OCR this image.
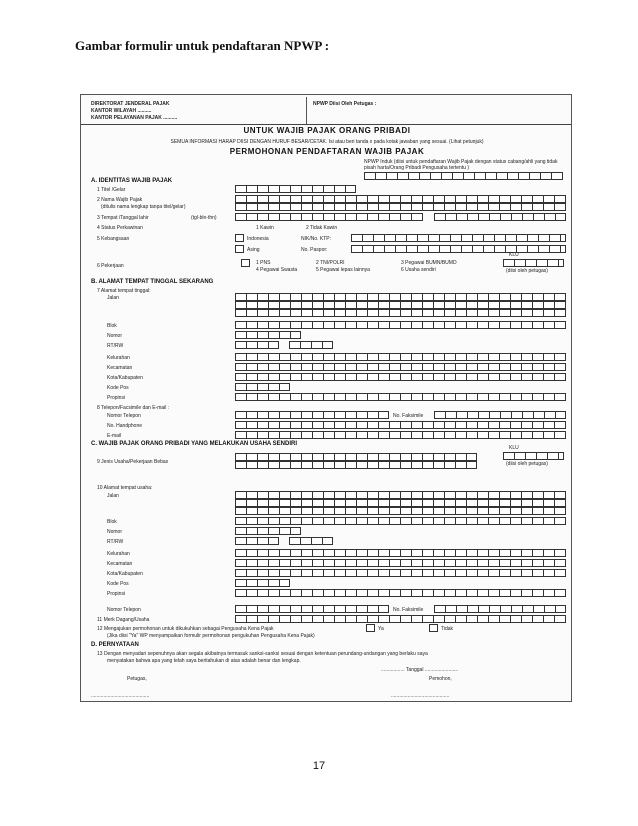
Gambar formulir untuk pendaftaran NPWP :
DIREKTORAT JENDERAL PAJAK
KANTOR WILAYAH ..........
KANTOR PELAYANAN PAJAK ..........
NPWP Diisi Oleh Petugas :
UNTUK WAJIB PAJAK ORANG PRIBADI
SEMUA INFORMASI HARAP DIISI DENGAN HURUF BESAR/CETAK. Isi atau beri tanda x pada kotak jawaban yang sesuai. (Lihat petunjuk)
PERMOHONAN PENDAFTARAN WAJIB PAJAK
NPWP Induk (diisi untuk pendaftaran Wajib Pajak dengan status cabang/ahli yang tidak pisah harta/Orang Pribadi Pengusaha tertentu )
A. IDENTITAS WAJIB PAJAK
1 Titel /Gelar
2 Nama Wajib Pajak
(ditulis nama lengkap tanpa titel/gelar)
3 Tempat /Tanggal lahir	(tgl-bln-thn)
4 Status Perkawinan	1 Kawin	2 Tidak Kawin
5 Kebangsaan	Indonesia	NIK/No. KTP:
Asing	No. Paspor:
6 Pekerjaan	1 PNS	2 TNI/POLRI	3 Pegawai BUMN/BUMD
4 Pegawai Swasta	5 Pegawai lepas lainnya	6 Usaha sendiri
KLU
(diisi oleh petugas)
B. ALAMAT TEMPAT TINGGAL SEKARANG
7 Alamat tempat tinggal:
Jalan
Blok
Nomor
RT/RW
Kelurahan
Kecamatan
Kota/Kabupaten
Kode Pos
Propinsi
8 Telepon/Facsimile dan E-mail :
Nomor Telepon	No. Faksimile
No. Handphone
E-mail
C. WAJIB PAJAK ORANG PRIBADI YANG MELAKUKAN USAHA SENDIRI
KLU
(diisi oleh petugas)
9 Jenis Usaha/Pekerjaan Bebas
10 Alamat tempat usaha:
Jalan
Blok
Nomor
RT/RW
Kelurahan
Kecamatan
Kota/Kabupaten
Kode Pos
Propinsi
Nomor Telepon	No. Faksimile
11 Merk Dagang/Usaha
12 Mengajukan permohonan untuk dikukuhkan sebagai Pengusaha Kena Pajak
(Jika diisi "Ya" WP menyampaikan formulir permohonan pengukuhan Pengusaha Kena Pajak)
Ya	Tidak
D. PERNYATAAN
13 Dengan menyadari sepenuhnya akan segala akibatnya termasuk sanksi-sanksi sesuai dengan ketentuan perundang-undangan yang berlaku saya
menyatakan bahwa apa yang telah saya beritahukan di atas adalah benar dan lengkap.
................. Tanggal ........................
Petugas,	Pemohon,
..........................................	..........................................
17
